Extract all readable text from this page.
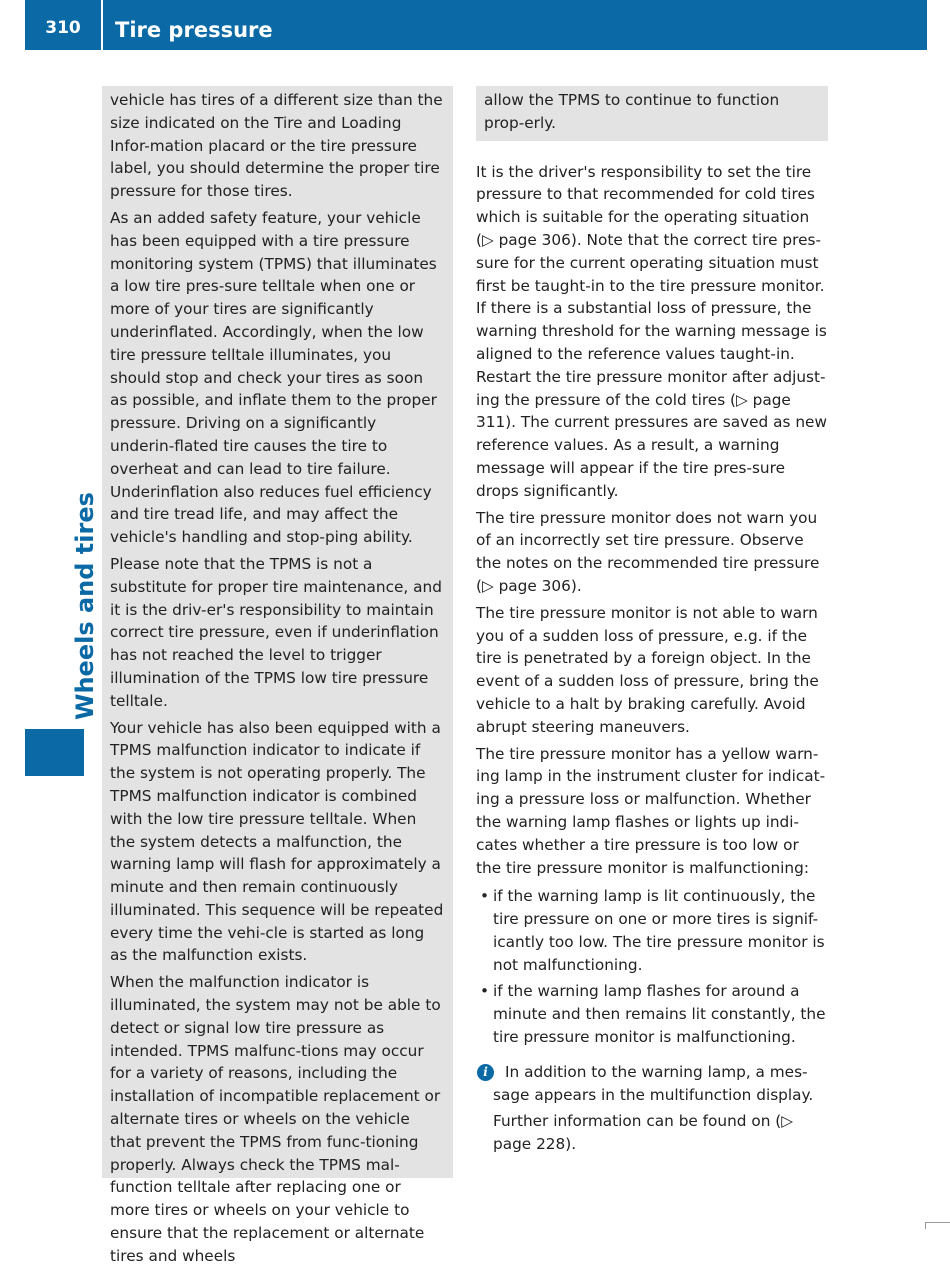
310	Tire pressure
Wheels and tires

vehicle has tires of a different size than the size indicated on the Tire and Loading Infor-mation placard or the tire pressure label, you should determine the proper tire pressure for those tires.

As an added safety feature, your vehicle has been equipped with a tire pressure monitoring system (TPMS) that illuminates a low tire pres-sure telltale when one or more of your tires are significantly underinflated. Accordingly, when the low tire pressure telltale illuminates, you should stop and check your tires as soon as possible, and inflate them to the proper pressure. Driving on a significantly underin-flated tire causes the tire to overheat and can lead to tire failure. Underinflation also reduces fuel efficiency and tire tread life, and may affect the vehicle's handling and stop-ping ability.

Please note that the TPMS is not a substitute for proper tire maintenance, and it is the driv-er's responsibility to maintain correct tire pressure, even if underinflation has not reached the level to trigger illumination of the TPMS low tire pressure telltale.

Your vehicle has also been equipped with a TPMS malfunction indicator to indicate if the system is not operating properly. The TPMS malfunction indicator is combined with the low tire pressure telltale. When the system detects a malfunction, the warning lamp will flash for approximately a minute and then remain continuously illuminated. This sequence will be repeated every time the vehi-cle is started as long as the malfunction exists.

When the malfunction indicator is illuminated, the system may not be able to detect or signal low tire pressure as intended. TPMS malfunc-tions may occur for a variety of reasons, including the installation of incompatible replacement or alternate tires or wheels on the vehicle that prevent the TPMS from func-tioning properly. Always check the TPMS mal-function telltale after replacing one or more tires or wheels on your vehicle to ensure that the replacement or alternate tires and wheels

allow the TPMS to continue to function prop-erly.

It is the driver's responsibility to set the tire pressure to that recommended for cold tires which is suitable for the operating situation (▷ page 306). Note that the correct tire pres-sure for the current operating situation must first be taught-in to the tire pressure monitor. If there is a substantial loss of pressure, the warning threshold for the warning message is aligned to the reference values taught-in. Restart the tire pressure monitor after adjust-ing the pressure of the cold tires (▷ page 311). The current pressures are saved as new reference values. As a result, a warning message will appear if the tire pres-sure drops significantly.

The tire pressure monitor does not warn you of an incorrectly set tire pressure. Observe the notes on the recommended tire pressure (▷ page 306).

The tire pressure monitor is not able to warn you of a sudden loss of pressure, e.g. if the tire is penetrated by a foreign object. In the event of a sudden loss of pressure, bring the vehicle to a halt by braking carefully. Avoid abrupt steering maneuvers.

The tire pressure monitor has a yellow warn-ing lamp in the instrument cluster for indicat-ing a pressure loss or malfunction. Whether the warning lamp flashes or lights up indi-cates whether a tire pressure is too low or the tire pressure monitor is malfunctioning:

• if the warning lamp is lit continuously, the tire pressure on one or more tires is signif-icantly too low. The tire pressure monitor is not malfunctioning.
• if the warning lamp flashes for around a minute and then remains lit constantly, the tire pressure monitor is malfunctioning.
i	In addition to the warning lamp, a mes-sage appears in the multifunction display.

Further information can be found on (▷ page 228).
